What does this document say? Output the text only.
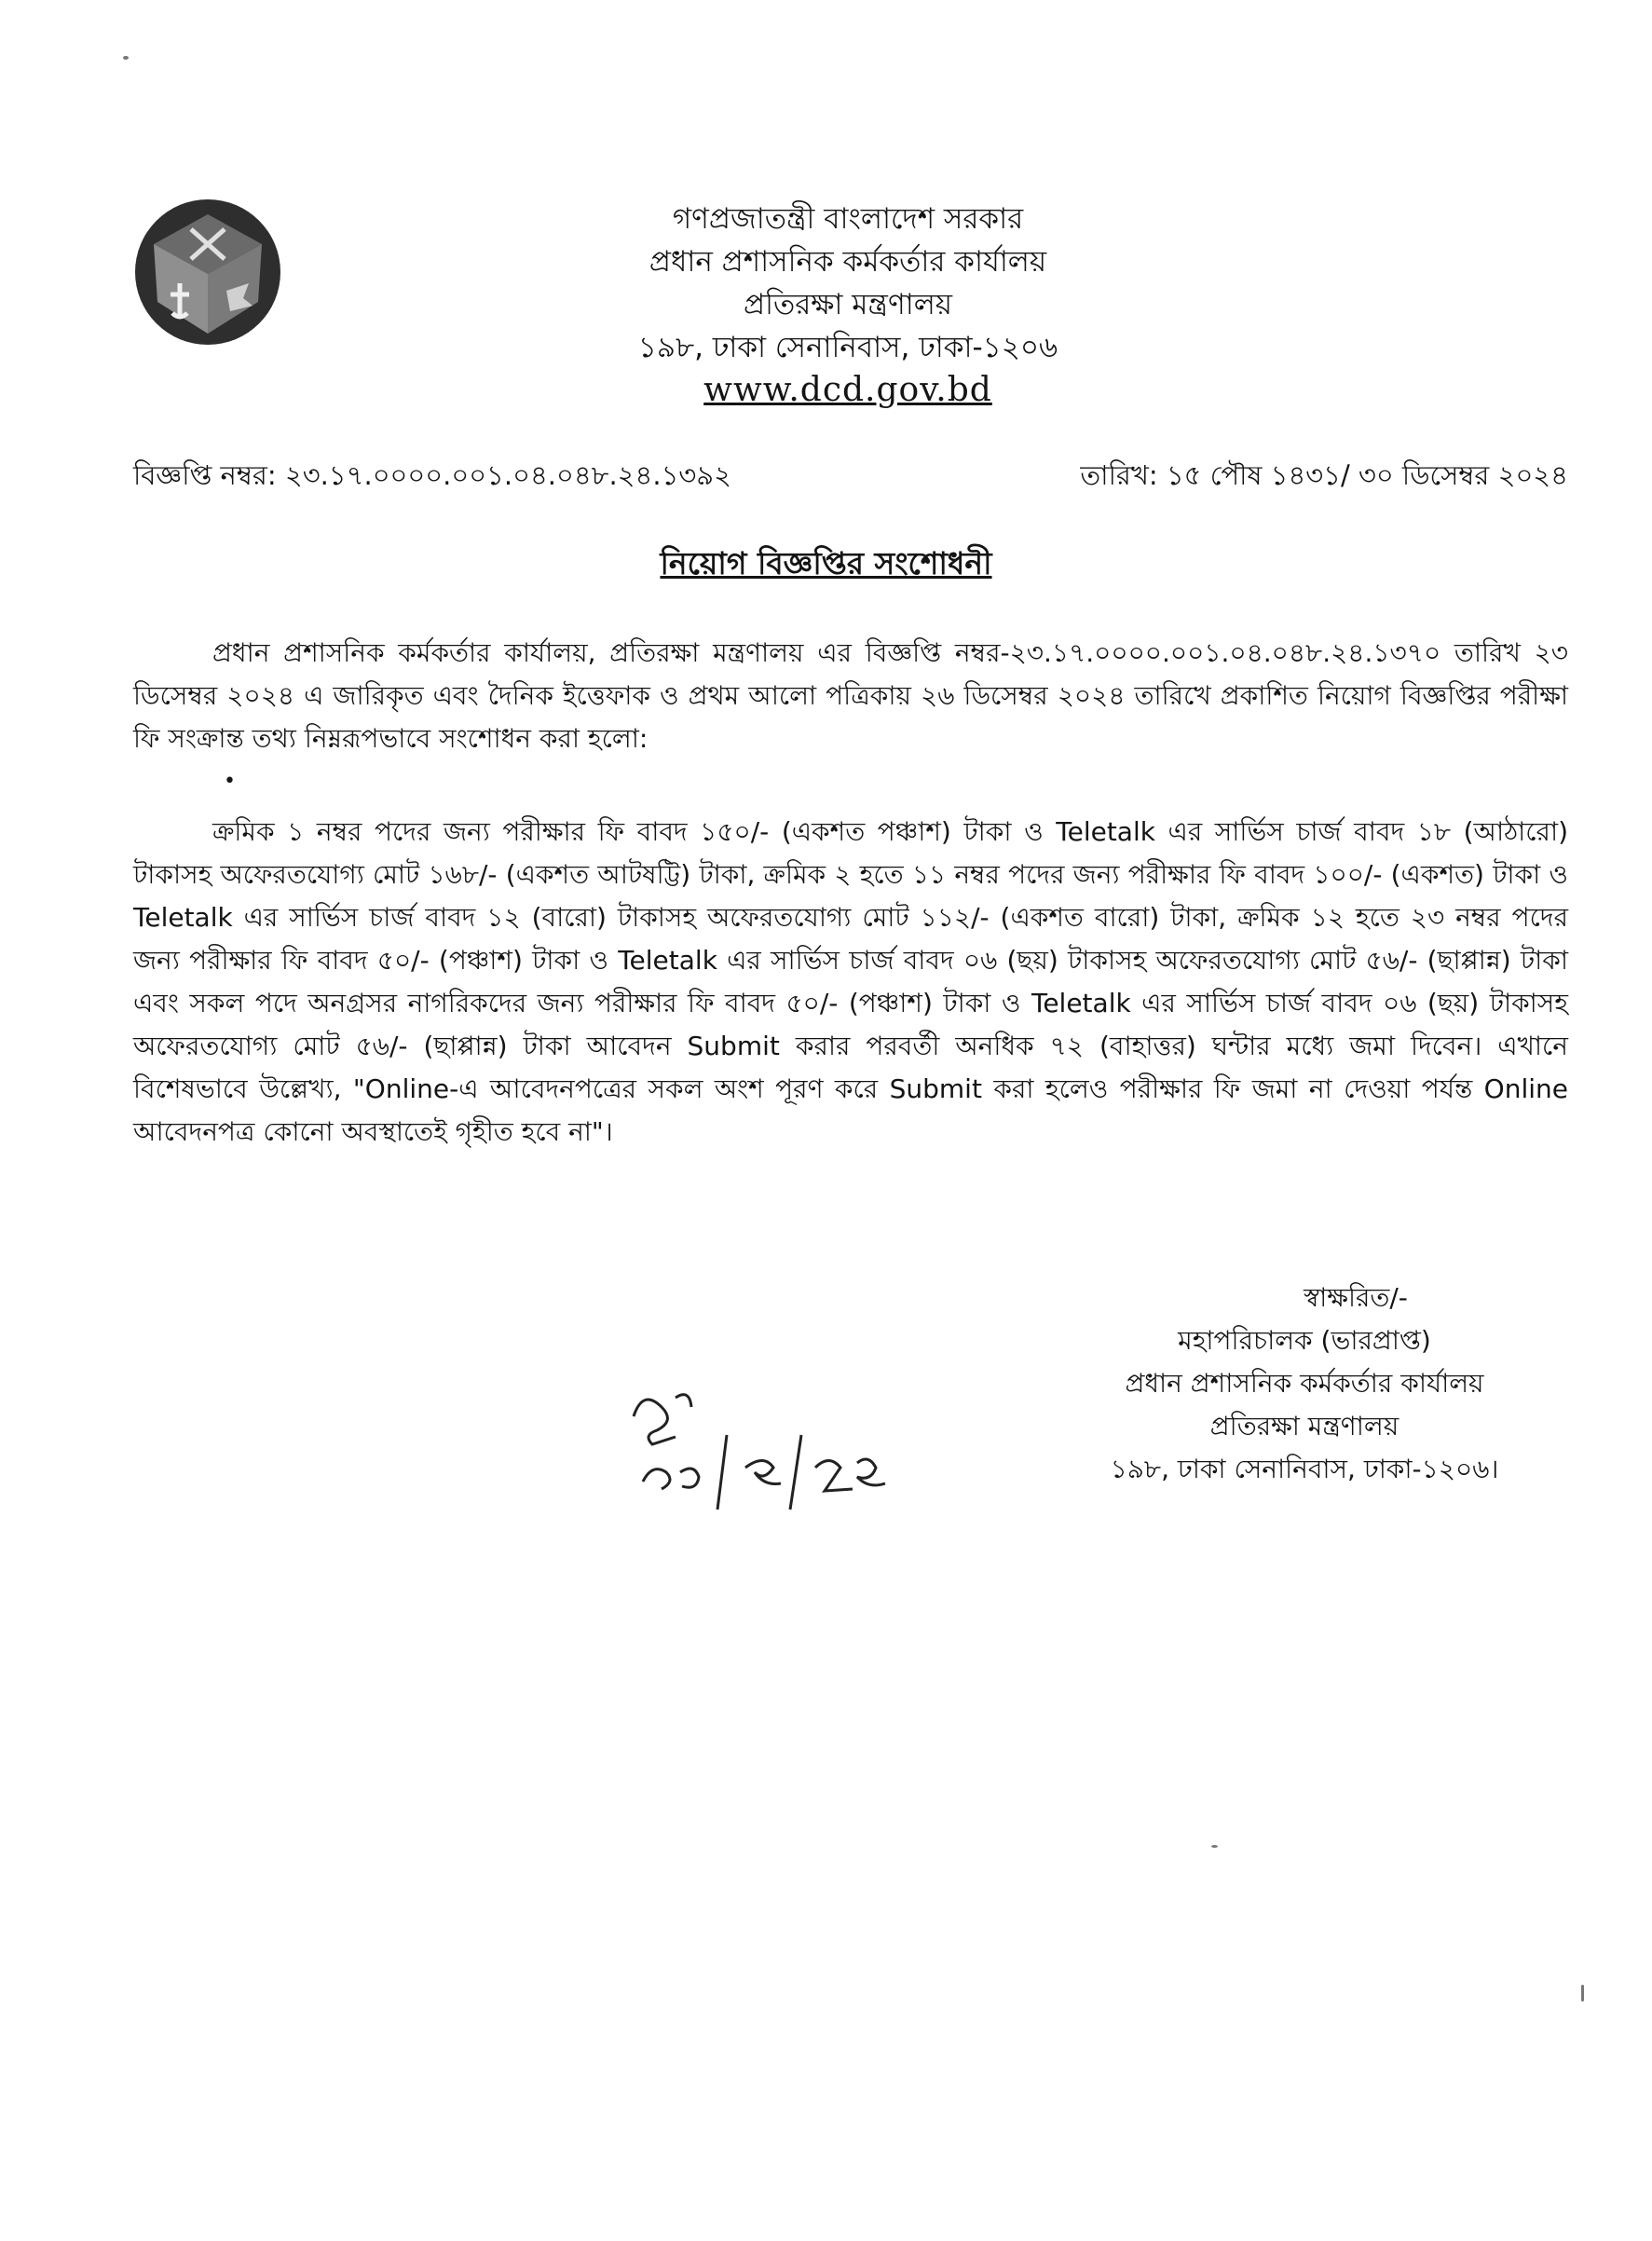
গণপ্রজাতন্ত্রী বাংলাদেশ সরকার
প্রধান প্রশাসনিক কর্মকর্তার কার্যালয়
প্রতিরক্ষা মন্ত্রণালয়
১৯৮, ঢাকা সেনানিবাস, ঢাকা-১২০৬
www.dcd.gov.bd
বিজ্ঞপ্তি নম্বর: ২৩.১৭.০০০০.০০১.০৪.০৪৮.২৪.১৩৯২	তারিখ: ১৫ পৌষ ১৪৩১/ ৩০ ডিসেম্বর ২০২৪
নিয়োগ বিজ্ঞপ্তির সংশোধনী
প্রধান প্রশাসনিক কর্মকর্তার কার্যালয়, প্রতিরক্ষা মন্ত্রণালয় এর বিজ্ঞপ্তি নম্বর-২৩.১৭.০০০০.০০১.০৪.০৪৮.২৪.১৩৭০ তারিখ ২৩ ডিসেম্বর ২০২৪ এ জারিকৃত এবং দৈনিক ইত্তেফাক ও প্রথম আলো পত্রিকায় ২৬ ডিসেম্বর ২০২৪ তারিখে প্রকাশিত নিয়োগ বিজ্ঞপ্তির পরীক্ষা ফি সংক্রান্ত তথ্য নিম্নরূপভাবে সংশোধন করা হলো:
•
ক্রমিক ১ নম্বর পদের জন্য পরীক্ষার ফি বাবদ ১৫০/- (একশত পঞ্চাশ) টাকা ও Teletalk এর সার্ভিস চার্জ বাবদ ১৮ (আঠারো) টাকাসহ অফেরতযোগ্য মোট ১৬৮/- (একশত আটষট্টি) টাকা, ক্রমিক ২ হতে ১১ নম্বর পদের জন্য পরীক্ষার ফি বাবদ ১০০/- (একশত) টাকা ও Teletalk এর সার্ভিস চার্জ বাবদ ১২ (বারো) টাকাসহ অফেরতযোগ্য মোট ১১২/- (একশত বারো) টাকা, ক্রমিক ১২ হতে ২৩ নম্বর পদের জন্য পরীক্ষার ফি বাবদ ৫০/- (পঞ্চাশ) টাকা ও Teletalk এর সার্ভিস চার্জ বাবদ ০৬ (ছয়) টাকাসহ অফেরতযোগ্য মোট ৫৬/- (ছাপ্পান্ন) টাকা এবং সকল পদে অনগ্রসর নাগরিকদের জন্য পরীক্ষার ফি বাবদ ৫০/- (পঞ্চাশ) টাকা ও Teletalk এর সার্ভিস চার্জ বাবদ ০৬ (ছয়) টাকাসহ অফেরতযোগ্য মোট ৫৬/- (ছাপ্পান্ন) টাকা আবেদন Submit করার পরবর্তী অনধিক ৭২ (বাহাত্তর) ঘন্টার মধ্যে জমা দিবেন। এখানে বিশেষভাবে উল্লেখ্য, "Online-এ আবেদনপত্রের সকল অংশ পূরণ করে Submit করা হলেও পরীক্ষার ফি জমা না দেওয়া পর্যন্ত Online আবেদনপত্র কোনো অবস্থাতেই গৃহীত হবে না"।
স্বাক্ষরিত/-
মহাপরিচালক (ভারপ্রাপ্ত)
প্রধান প্রশাসনিক কর্মকর্তার কার্যালয়
প্রতিরক্ষা মন্ত্রণালয়
১৯৮, ঢাকা সেনানিবাস, ঢাকা-১২০৬।
